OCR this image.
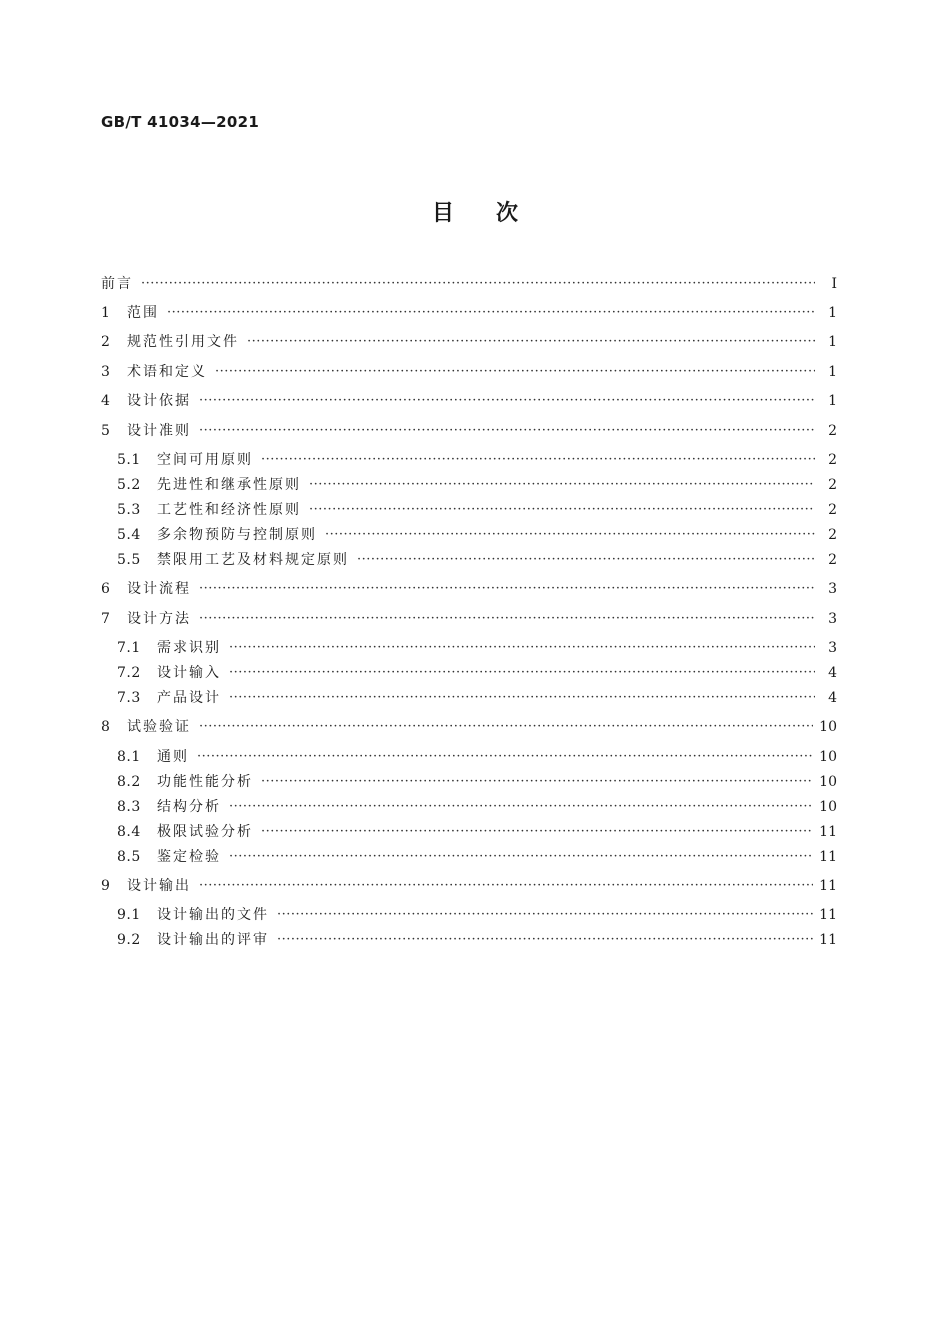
GB/T 41034—2021
目次
前言 ·····	Ⅰ
1	范围 ·····	1
2	规范性引用文件 ·····	1
3	术语和定义 ·····	1
4	设计依据 ·····	1
5	设计准则 ·····	2
5.1	空间可用原则 ·····	2
5.2	先进性和继承性原则 ·····	2
5.3	工艺性和经济性原则 ·····	2
5.4	多余物预防与控制原则 ·····	2
5.5	禁限用工艺及材料规定原则 ·····	2
6	设计流程 ·····	3
7	设计方法 ·····	3
7.1	需求识别 ·····	3
7.2	设计输入 ·····	4
7.3	产品设计 ·····	4
8	试验验证 ·····	10
8.1	通则 ·····	10
8.2	功能性能分析 ·····	10
8.3	结构分析 ·····	10
8.4	极限试验分析 ·····	11
8.5	鉴定检验 ·····	11
9	设计输出 ·····	11
9.1	设计输出的文件 ·····	11
9.2	设计输出的评审 ·····	11
